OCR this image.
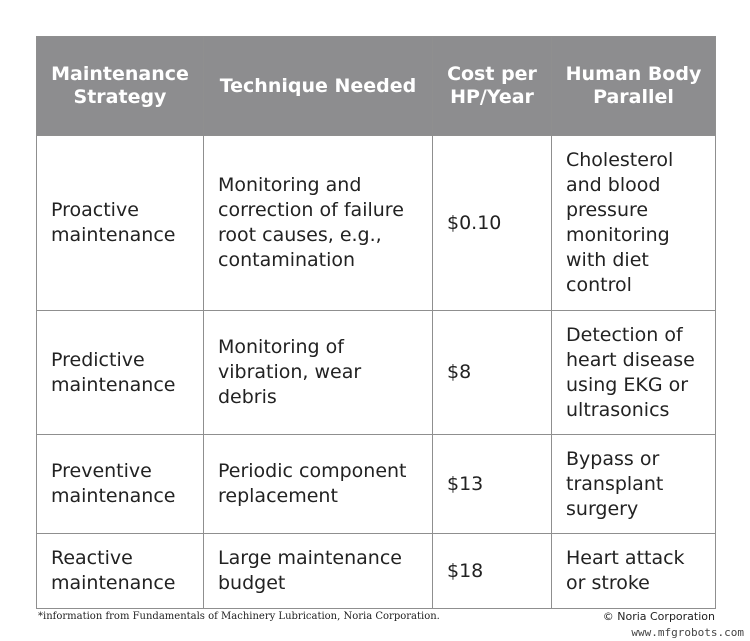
Maintenance Strategy	Technique Needed	Cost per HP/Year	Human Body Parallel
Proactive maintenance	Monitoring and correction of failure root causes, e.g., contamination	$0.10	Cholesterol and blood pressure monitoring with diet control
Predictive maintenance	Monitoring of vibration, wear debris	$8	Detection of heart disease using EKG or ultrasonics
Preventive maintenance	Periodic component replacement	$13	Bypass or transplant surgery
Reactive maintenance	Large maintenance budget	$18	Heart attack or stroke
*information from Fundamentals of Machinery Lubrication, Noria Corporation.	© Noria Corporation
www.mfgrobots.com
